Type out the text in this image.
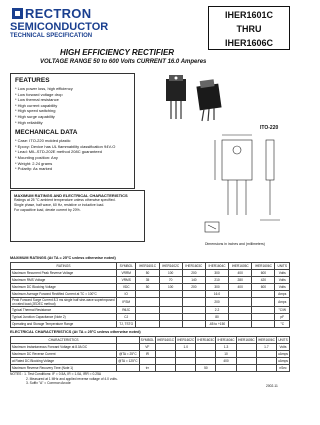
RECTRON
SEMICONDUCTOR
TECHNICAL SPECIFICATION
IHER1601C
THRU
IHER1606C
HIGH EFFICIENCY RECTIFIER
VOLTAGE RANGE 50 to 600 Volts CURRENT 16.0 Amperes
FEATURES
* Low power loss, high efficiency
* Low forward voltage drop
* Low thermal resistance
* High current capability
* High speed switching
* High surge capability
* High reliability
MECHANICAL DATA
* Case: ITO-220 molded plastic
* Epoxy: Device has UL flammability classification 94V-O
* Lead: MIL-STD-202E method 208C guaranteed
* Mounting position: Any
* Weight: 2.24 grams
* Polarity: As marked
ITO-220
Dimensions in inches and (millimeters)
MAXIMUM RATINGS AND ELECTRICAL CHARACTERISTICS
Ratings at 25 °C ambient temperature unless otherwise specified.
Single phase, half wave, 60 Hz, resistive or inductive load.
For capacitive load, derate current by 20%.
MAXIMUM RATINGS (At TA = 25°C unless otherwise noted)
RATINGS	SYMBOL	IHER1601C	IHER1602C	IHER1603C	IHER1604C	IHER1605C	IHER1606C	UNITS
Maximum Recurrent Peak Reverse Voltage	VRRM	50	100	200	300	400	600	Volts
Maximum RMS Voltage	VRMS	35	70	140	210	280	420	Volts
Maximum DC Blocking Voltage	VDC	50	100	200	300	400	600	Volts
Maximum Average Forward Rectified Current at TC = 100°C	IO				16.0			Amps
Peak Forward Surge Current 8.3 ms single half sine-wave superimposed on rated load (JEDEC method)	IFSM				200			Amps
Typical Thermal Resistance	RθJC				2.2			°C/W
Typical Junction Capacitance (Note 2)	CJ				80			pF
Operating and Storage Temperature Range	TJ, TSTG				-65 to +150			°C
ELECTRICAL CHARACTERISTICS (At TA = 25°C unless otherwise noted)
CHARACTERISTICS		SYMBOL	IHER1601C	IHER1602C	IHER1603C	IHER1604C	IHER1605C	IHER1606C	UNITS
Maximum Instantaneous Forward Voltage at 8.0A DC		VF		1.0		1.3		1.7	Volts
Maximum DC Reverse Current	@TA = 25°C	IR				10			uAmps
at Rated DC Blocking Voltage	@TA = 125°C					400			uAmps
Maximum Reverse Recovery Time (Note 1)		trr			50				nSec
NOTES : 1. Test Conditions: IF = 0.5A, IR = 1.0A, IRR = 0.25A
2. Measured at 1 MHz and applied reverse voltage of 4.0 volts.
3. Suffix "A" = Common Anode
2002-11
